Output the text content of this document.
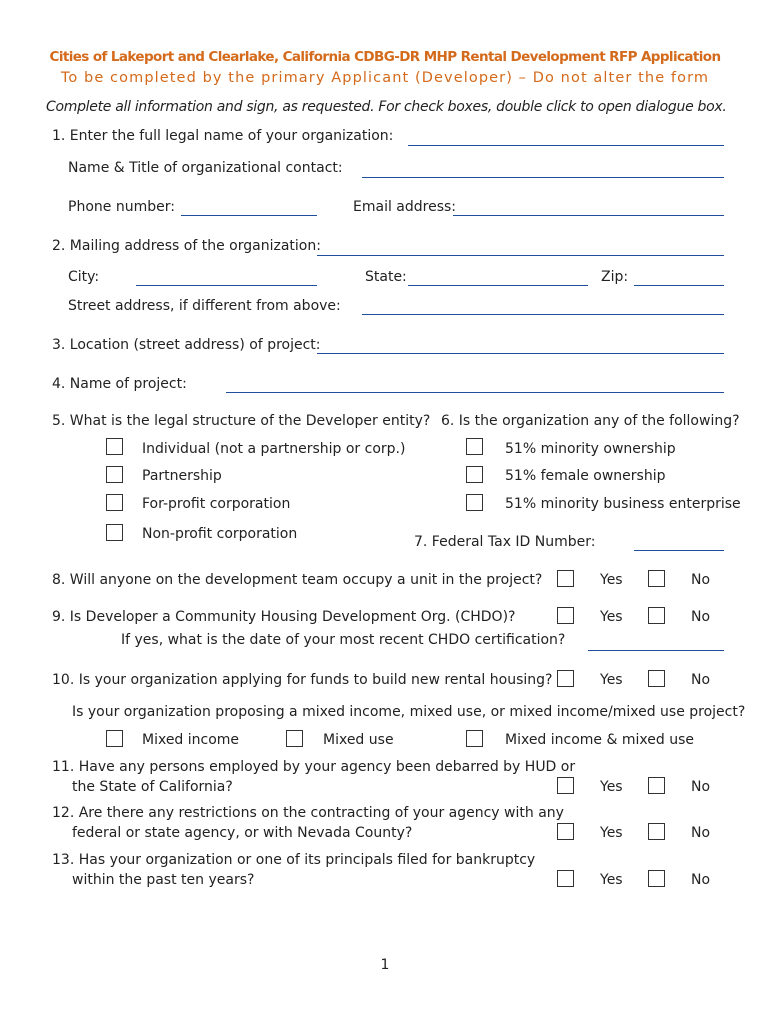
Cities of Lakeport and Clearlake, California CDBG-DR MHP Rental Development RFP Application
To be completed by the primary Applicant (Developer) – Do not alter the form
Complete all information and sign, as requested. For check boxes, double click to open dialogue box.
1. Enter the full legal name of your organization:
Name & Title of organizational contact:
Phone number:	Email address:
2. Mailing address of the organization:
City:	State:	Zip:
Street address, if different from above:
3. Location (street address) of project:
4. Name of project:
5. What is the legal structure of the Developer entity? 6. Is the organization any of the following?
Individual (not a partnership or corp.)
Partnership
For-profit corporation
Non-profit corporation
51% minority ownership
51% female ownership
51% minority business enterprise
7. Federal Tax ID Number:
8. Will anyone on the development team occupy a unit in the project?	Yes	No
9. Is Developer a Community Housing Development Org. (CHDO)?	Yes	No
If yes, what is the date of your most recent CHDO certification?
10. Is your organization applying for funds to build new rental housing?	Yes	No
Is your organization proposing a mixed income, mixed use, or mixed income/mixed use project?
Mixed income	Mixed use	Mixed income & mixed use
11. Have any persons employed by your agency been debarred by HUD or
the State of California?	Yes	No
12. Are there any restrictions on the contracting of your agency with any
federal or state agency, or with Nevada County?	Yes	No
13. Has your organization or one of its principals filed for bankruptcy
within the past ten years?	Yes	No
1
